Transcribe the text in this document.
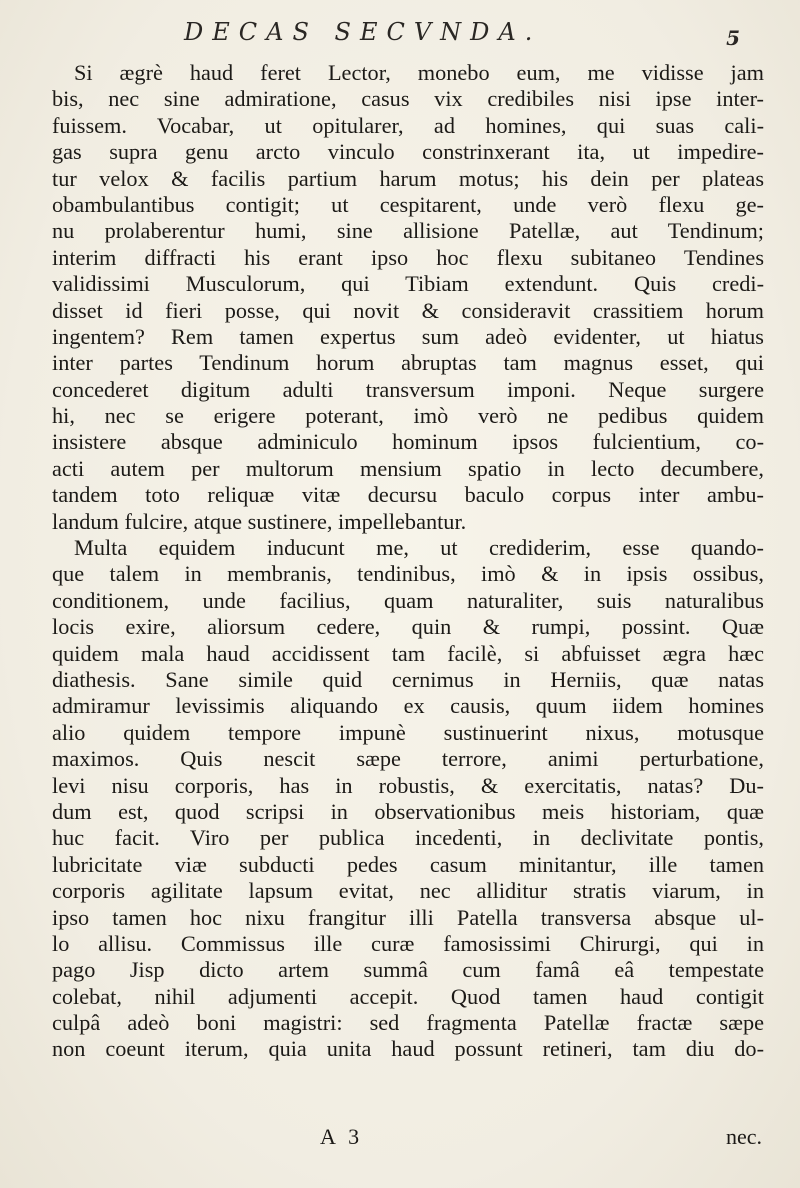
DECAS SECVNDA.	5
Si ægrè haud feret Lector, monebo eum, me vidisse jam
bis, nec sine admiratione, casus vix credibiles nisi ipse inter-
fuissem. Vocabar, ut opitularer, ad homines, qui suas cali-
gas supra genu arcto vinculo constrinxerant ita, ut impedire-
tur velox & facilis partium harum motus; his dein per plateas
obambulantibus contigit; ut cespitarent, unde verò flexu ge-
nu prolaberentur humi, sine allisione Patellæ, aut Tendinum;
interim diffracti his erant ipso hoc flexu subitaneo Tendines
validissimi Musculorum, qui Tibiam extendunt. Quis credi-
disset id fieri posse, qui novit & consideravit crassitiem horum
ingentem? Rem tamen expertus sum adeò evidenter, ut hiatus
inter partes Tendinum horum abruptas tam magnus esset, qui
concederet digitum adulti transversum imponi. Neque surgere
hi, nec se erigere poterant, imò verò ne pedibus quidem
insistere absque adminiculo hominum ipsos fulcientium, co-
acti autem per multorum mensium spatio in lecto decumbere,
tandem toto reliquæ vitæ decursu baculo corpus inter ambu-
landum fulcire, atque sustinere, impellebantur.
Multa equidem inducunt me, ut crediderim, esse quando-
que talem in membranis, tendinibus, imò & in ipsis ossibus,
conditionem, unde facilius, quam naturaliter, suis naturalibus
locis exire, aliorsum cedere, quin & rumpi, possint. Quæ
quidem mala haud accidissent tam facilè, si abfuisset ægra hæc
diathesis. Sane simile quid cernimus in Herniis, quæ natas
admiramur levissimis aliquando ex causis, quum iidem homines
alio quidem tempore impunè sustinuerint nixus, motusque
maximos. Quis nescit sæpe terrore, animi perturbatione,
levi nisu corporis, has in robustis, & exercitatis, natas? Du-
dum est, quod scripsi in observationibus meis historiam, quæ
huc facit. Viro per publica incedenti, in declivitate pontis,
lubricitate viæ subducti pedes casum minitantur, ille tamen
corporis agilitate lapsum evitat, nec alliditur stratis viarum, in
ipso tamen hoc nixu frangitur illi Patella transversa absque ul-
lo allisu. Commissus ille curæ famosissimi Chirurgi, qui in
pago Jisp dicto artem summâ cum famâ eâ tempestate
colebat, nihil adjumenti accepit. Quod tamen haud contigit
culpâ adeò boni magistri: sed fragmenta Patellæ fractæ sæpe
non coeunt iterum, quia unita haud possunt retineri, tam diu do-
A 3	nec.
